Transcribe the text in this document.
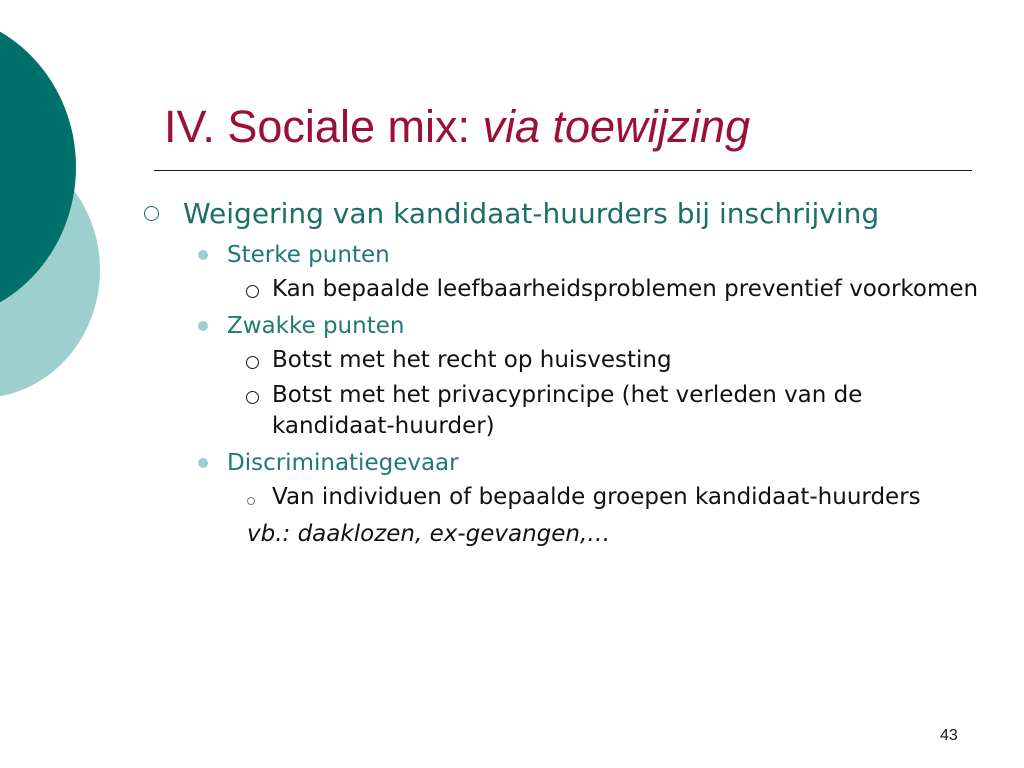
IV. Sociale mix: via toewijzing
Weigering van kandidaat-huurders bij inschrijving
Sterke punten
Kan bepaalde leefbaarheidsproblemen preventief voorkomen
Zwakke punten
Botst met het recht op huisvesting
Botst met het privacyprincipe (het verleden van de kandidaat-huurder)
Discriminatiegevaar
Van individuen of bepaalde groepen kandidaat-huurders
vb.: daaklozen, ex-gevangen,…
43
